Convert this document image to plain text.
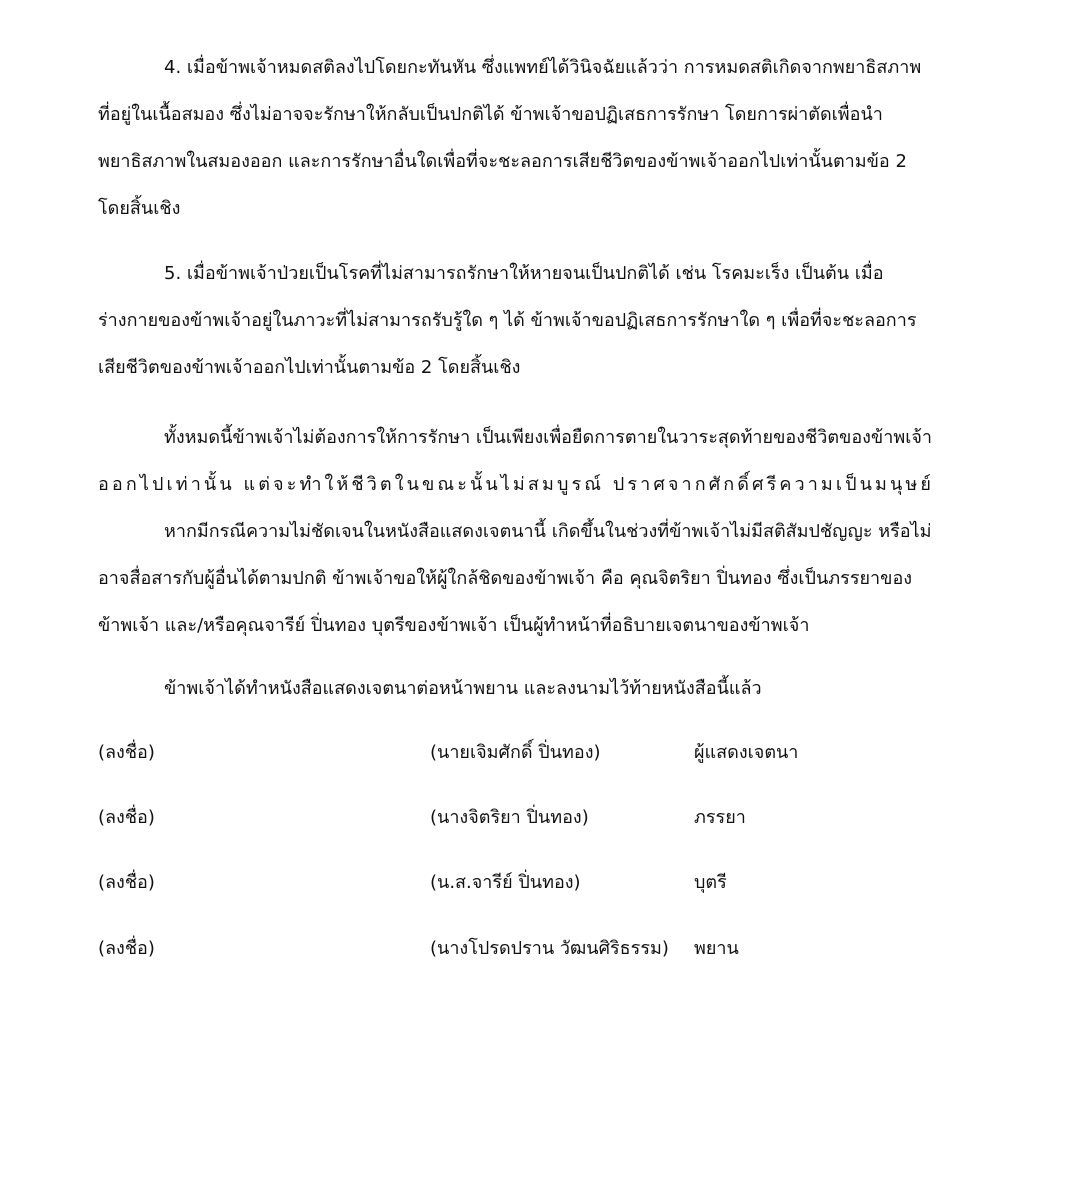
4. เมื่อข้าพเจ้าหมดสติลงไปโดยกะทันหัน ซึ่งแพทย์ได้วินิจฉัยแล้วว่า การหมดสติเกิดจากพยาธิสภาพ
ที่อยู่ในเนื้อสมอง ซึ่งไม่อาจจะรักษาให้กลับเป็นปกติได้ ข้าพเจ้าขอปฏิเสธการรักษา โดยการผ่าตัดเพื่อนำ
พยาธิสภาพในสมองออก และการรักษาอื่นใดเพื่อที่จะชะลอการเสียชีวิตของข้าพเจ้าออกไปเท่านั้นตามข้อ 2
โดยสิ้นเชิง
5. เมื่อข้าพเจ้าป่วยเป็นโรคที่ไม่สามารถรักษาให้หายจนเป็นปกติได้ เช่น โรคมะเร็ง เป็นต้น เมื่อ
ร่างกายของข้าพเจ้าอยู่ในภาวะที่ไม่สามารถรับรู้ใด ๆ ได้ ข้าพเจ้าขอปฏิเสธการรักษาใด ๆ เพื่อที่จะชะลอการ
เสียชีวิตของข้าพเจ้าออกไปเท่านั้นตามข้อ 2 โดยสิ้นเชิง
ทั้งหมดนี้ข้าพเจ้าไม่ต้องการให้การรักษา เป็นเพียงเพื่อยืดการตายในวาระสุดท้ายของชีวิตของข้าพเจ้า
ออกไปเท่านั้น แต่จะทำให้ชีวิตในขณะนั้นไม่สมบูรณ์ ปราศจากศักดิ์ศรีความเป็นมนุษย์
หากมีกรณีความไม่ชัดเจนในหนังสือแสดงเจตนานี้ เกิดขึ้นในช่วงที่ข้าพเจ้าไม่มีสติสัมปชัญญะ หรือไม่
อาจสื่อสารกับผู้อื่นได้ตามปกติ ข้าพเจ้าขอให้ผู้ใกล้ชิดของข้าพเจ้า คือ คุณจิตริยา ปิ่นทอง ซึ่งเป็นภรรยาของ
ข้าพเจ้า และ/หรือคุณจารีย์ ปิ่นทอง บุตรีของข้าพเจ้า เป็นผู้ทำหน้าที่อธิบายเจตนาของข้าพเจ้า
ข้าพเจ้าได้ทำหนังสือแสดงเจตนาต่อหน้าพยาน และลงนามไว้ท้ายหนังสือนี้แล้ว
(ลงชื่อ)	(นายเจิมศักดิ์ ปิ่นทอง)	ผู้แสดงเจตนา
(ลงชื่อ)	(นางจิตริยา ปิ่นทอง)	ภรรยา
(ลงชื่อ)	(น.ส.จารีย์ ปิ่นทอง)	บุตรี
(ลงชื่อ)	(นางโปรดปราน วัฒนศิริธรรม) พยาน
